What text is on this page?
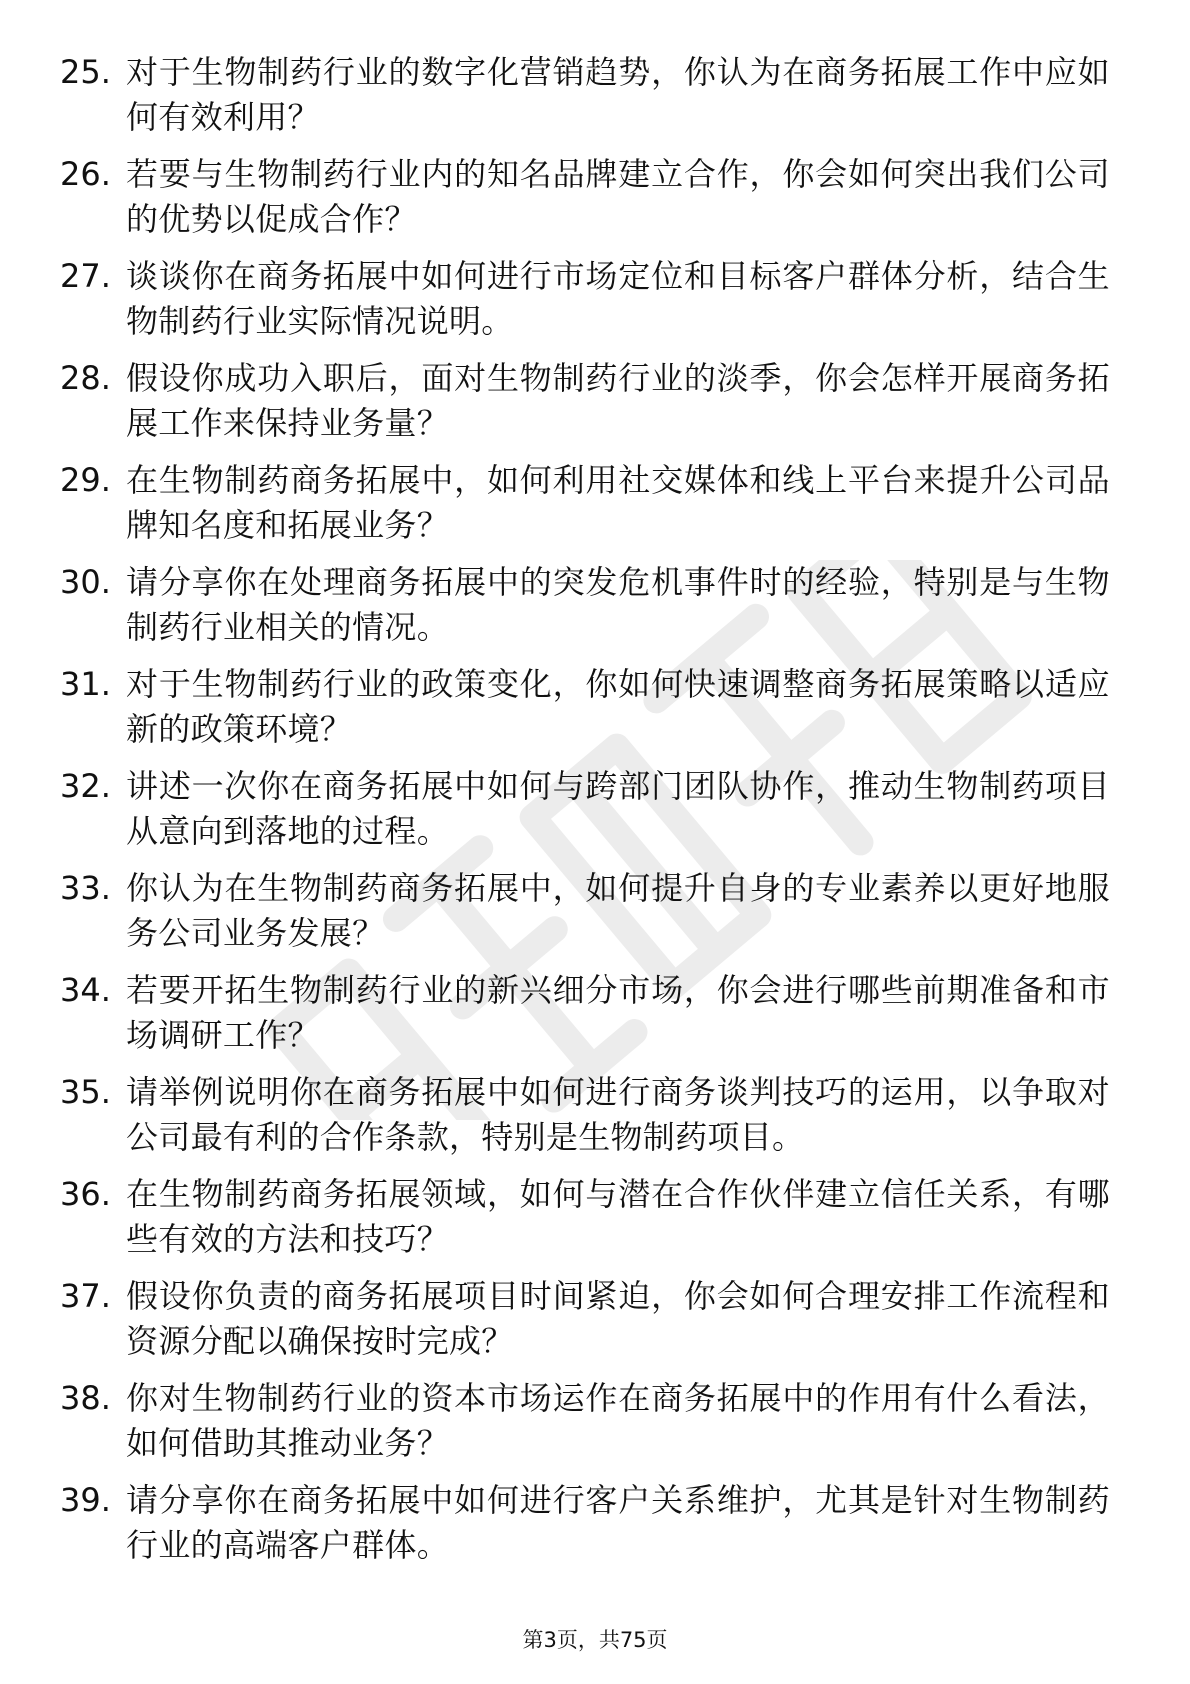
25. 对于生物制药行业的数字化营销趋势，你认为在商务拓展工作中应如何有效利用？
26. 若要与生物制药行业内的知名品牌建立合作，你会如何突出我们公司的优势以促成合作？
27. 谈谈你在商务拓展中如何进行市场定位和目标客户群体分析，结合生物制药行业实际情况说明。
28. 假设你成功入职后，面对生物制药行业的淡季，你会怎样开展商务拓展工作来保持业务量？
29. 在生物制药商务拓展中，如何利用社交媒体和线上平台来提升公司品牌知名度和拓展业务？
30. 请分享你在处理商务拓展中的突发危机事件时的经验，特别是与生物制药行业相关的情况。
31. 对于生物制药行业的政策变化，你如何快速调整商务拓展策略以适应新的政策环境？
32. 讲述一次你在商务拓展中如何与跨部门团队协作，推动生物制药项目从意向到落地的过程。
33. 你认为在生物制药商务拓展中，如何提升自身的专业素养以更好地服务公司业务发展？
34. 若要开拓生物制药行业的新兴细分市场，你会进行哪些前期准备和市场调研工作？
35. 请举例说明你在商务拓展中如何进行商务谈判技巧的运用，以争取对公司最有利的合作条款，特别是生物制药项目。
36. 在生物制药商务拓展领域，如何与潜在合作伙伴建立信任关系，有哪些有效的方法和技巧？
37. 假设你负责的商务拓展项目时间紧迫，你会如何合理安排工作流程和资源分配以确保按时完成？
38. 你对生物制药行业的资本市场运作在商务拓展中的作用有什么看法，如何借助其推动业务？
39. 请分享你在商务拓展中如何进行客户关系维护，尤其是针对生物制药行业的高端客户群体。
第3页，共75页
